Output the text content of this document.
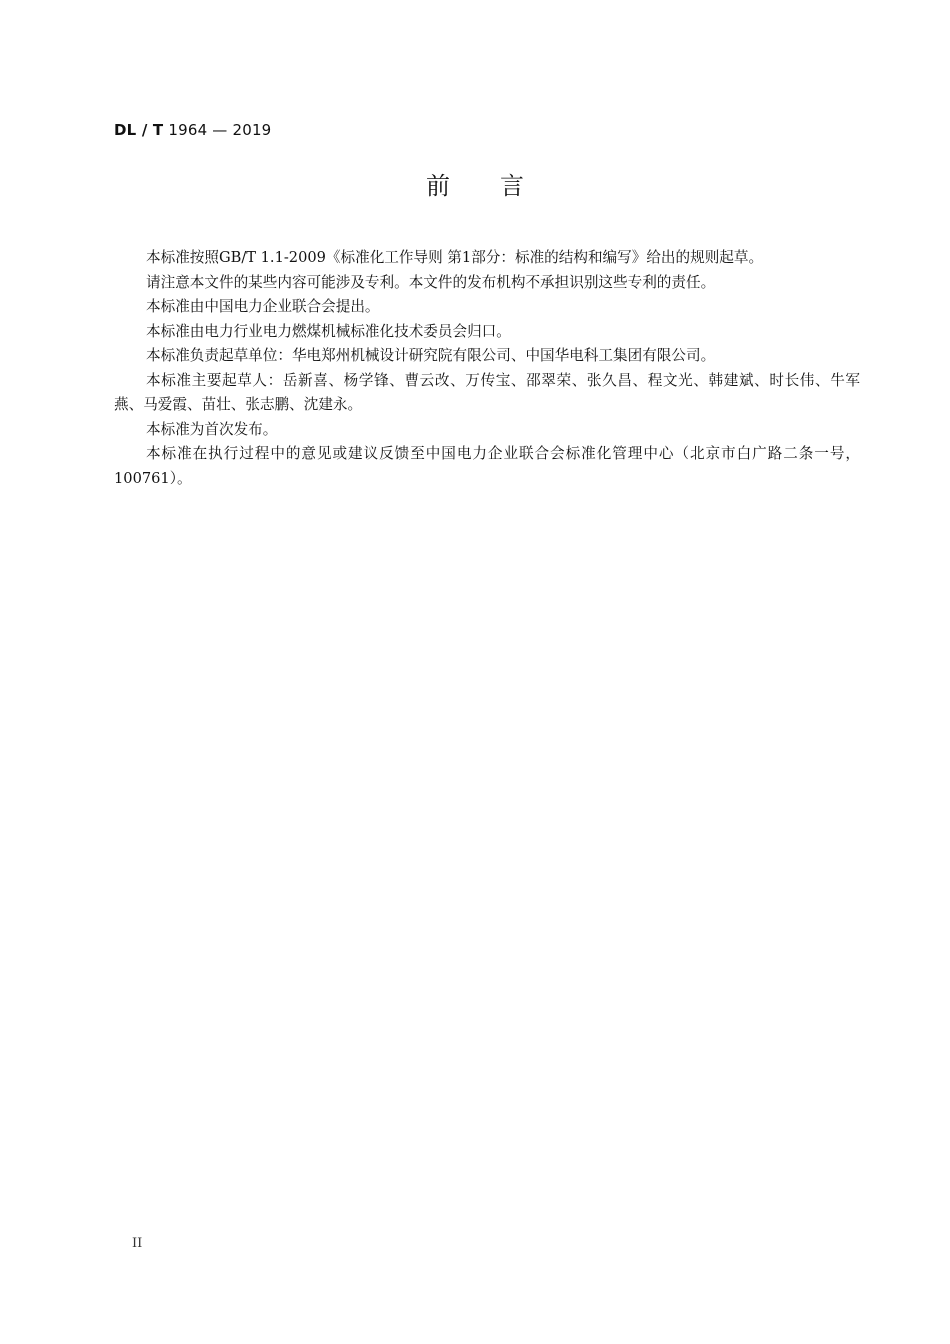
DL / T 1964 — 2019
前言

本标准按照GB/T 1.1-2009《标准化工作导则 第1部分：标准的结构和编写》给出的规则起草。

请注意本文件的某些内容可能涉及专利。本文件的发布机构不承担识别这些专利的责任。

本标准由中国电力企业联合会提出。

本标准由电力行业电力燃煤机械标准化技术委员会归口。

本标准负责起草单位：华电郑州机械设计研究院有限公司、中国华电科工集团有限公司。

本标准主要起草人：岳新喜、杨学锋、曹云改、万传宝、邵翠荣、张久昌、程文光、韩建斌、时长伟、牛军燕、马爱霞、苗壮、张志鹏、沈建永。

本标准为首次发布。

本标准在执行过程中的意见或建议反馈至中国电力企业联合会标准化管理中心（北京市白广路二条一号，100761）。

II
